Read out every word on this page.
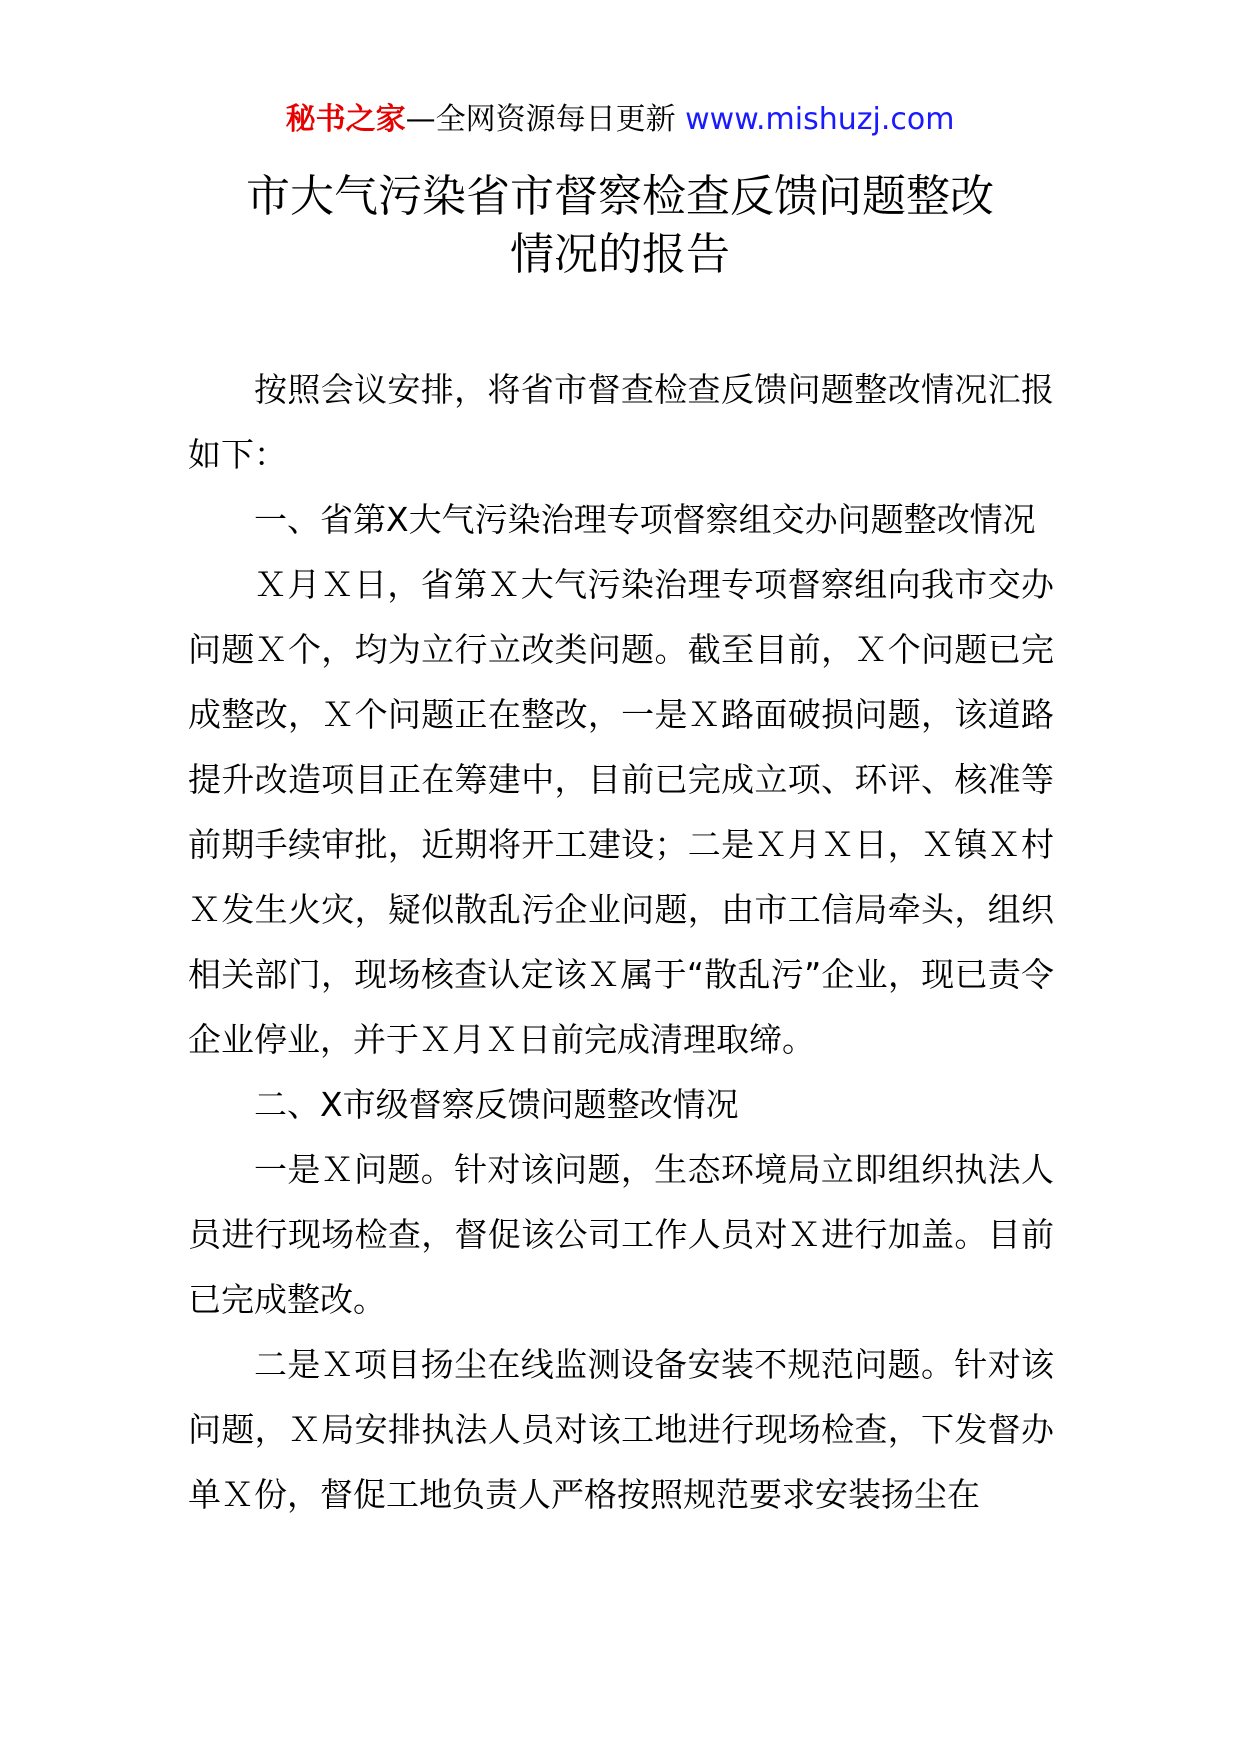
秘书之家—全网资源每日更新 www.mishuzj.com
市大气污染省市督察检查反馈问题整改
情况的报告

按照会议安排，将省市督查检查反馈问题整改情况汇报如下：

一、省第Ⅹ大气污染治理专项督察组交办问题整改情况

Ｘ月Ｘ日，省第Ｘ大气污染治理专项督察组向我市交办问题Ｘ个，均为立行立改类问题。截至目前，Ｘ个问题已完成整改，Ｘ个问题正在整改，一是Ｘ路面破损问题，该道路提升改造项目正在筹建中，目前已完成立项、环评、核准等前期手续审批，近期将开工建设；二是Ｘ月Ｘ日，Ｘ镇Ｘ村Ｘ发生火灾，疑似散乱污企业问题，由市工信局牵头，组织相关部门，现场核查认定该Ｘ属于“散乱污”企业，现已责令企业停业，并于Ｘ月Ｘ日前完成清理取缔。

二、Ⅹ市级督察反馈问题整改情况

一是Ｘ问题。针对该问题，生态环境局立即组织执法人员进行现场检查，督促该公司工作人员对Ｘ进行加盖。目前已完成整改。

二是Ｘ项目扬尘在线监测设备安装不规范问题。针对该问题，Ｘ局安排执法人员对该工地进行现场检查，下发督办单Ｘ份，督促工地负责人严格按照规范要求安装扬尘在
